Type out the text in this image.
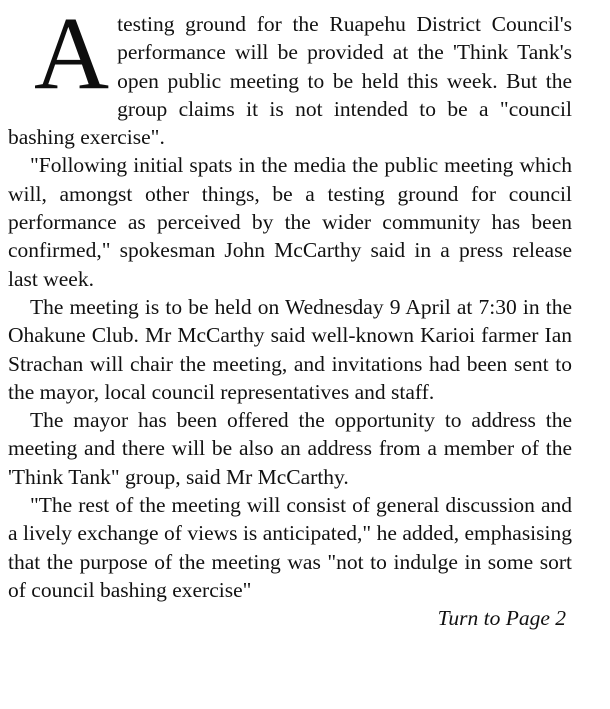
Atesting ground for the Ruapehu District Council's performance will be provided at the 'Think Tank's open public meeting to be held this week. But the group claims it is not intended to be a "council bashing exercise".

"Following initial spats in the media the public meeting which will, amongst other things, be a testing ground for council performance as perceived by the wider community has been confirmed," spokesman John McCarthy said in a press release last week.

The meeting is to be held on Wednesday 9 April at 7:30 in the Ohakune Club. Mr McCarthy said well-known Karioi farmer Ian Strachan will chair the meeting, and invitations had been sent to the mayor, local council representatives and staff.

The mayor has been offered the opportunity to address the meeting and there will be also an address from a member of the 'Think Tank" group, said Mr McCarthy.

"The rest of the meeting will consist of general discussion and a lively exchange of views is anticipated," he added, emphasising that the purpose of the meeting was "not to indulge in some sort of council bashing exercise"

Turn to Page 2
